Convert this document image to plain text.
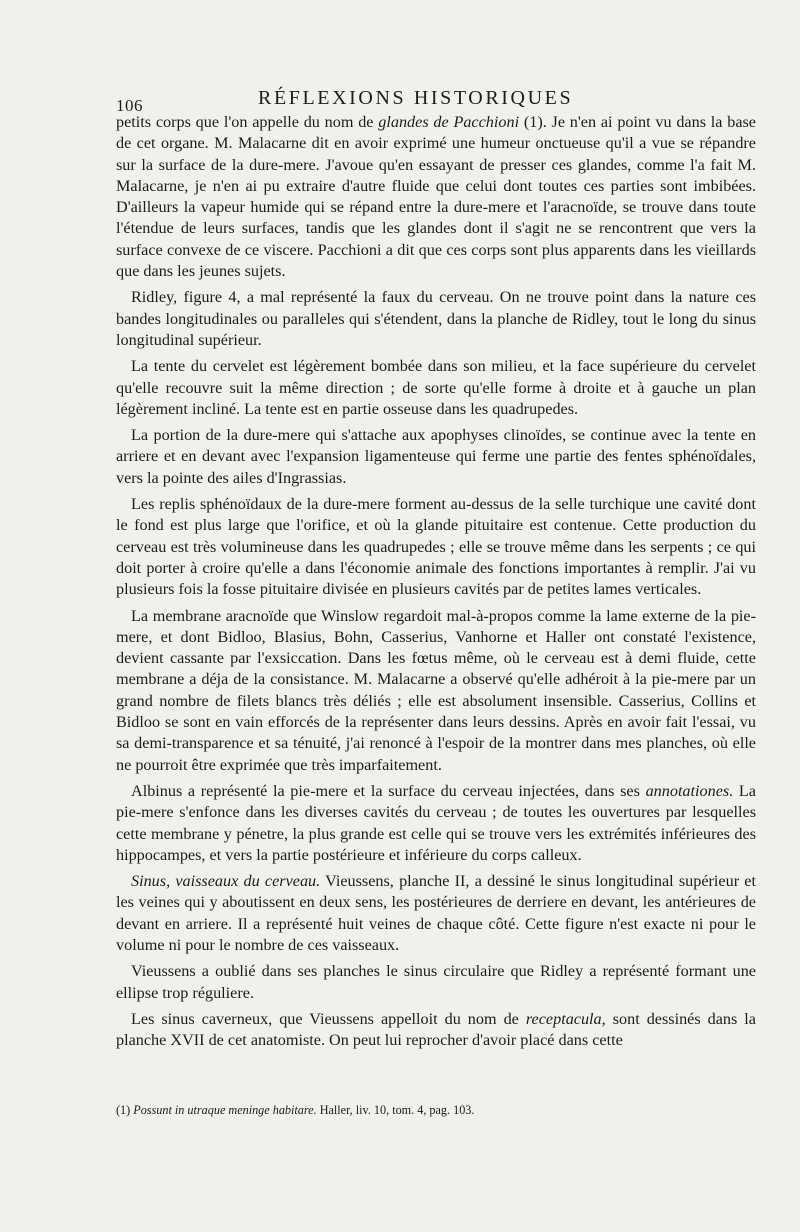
106	RÉFLEXIONS HISTORIQUES

petits corps que l'on appelle du nom de glandes de Pacchioni (1). Je n'en ai point vu dans la base de cet organe. M. Malacarne dit en avoir exprimé une humeur onctueuse qu'il a vue se répandre sur la surface de la dure-mere. J'avoue qu'en essayant de presser ces glandes, comme l'a fait M. Malacarne, je n'en ai pu extraire d'autre fluide que celui dont toutes ces parties sont imbibées. D'ailleurs la vapeur humide qui se répand entre la dure-mere et l'aracnoïde, se trouve dans toute l'étendue de leurs surfaces, tandis que les glandes dont il s'agit ne se rencontrent que vers la surface convexe de ce viscere. Pacchioni a dit que ces corps sont plus apparents dans les vieillards que dans les jeunes sujets.

Ridley, figure 4, a mal représenté la faux du cerveau. On ne trouve point dans la nature ces bandes longitudinales ou paralleles qui s'étendent, dans la planche de Ridley, tout le long du sinus longitudinal supérieur.

La tente du cervelet est légèrement bombée dans son milieu, et la face supérieure du cervelet qu'elle recouvre suit la même direction ; de sorte qu'elle forme à droite et à gauche un plan légèrement incliné. La tente est en partie osseuse dans les quadrupedes.

La portion de la dure-mere qui s'attache aux apophyses clinoïdes, se continue avec la tente en arriere et en devant avec l'expansion ligamenteuse qui ferme une partie des fentes sphénoïdales, vers la pointe des ailes d'Ingrassias.

Les replis sphénoïdaux de la dure-mere forment au-dessus de la selle turchique une cavité dont le fond est plus large que l'orifice, et où la glande pituitaire est contenue. Cette production du cerveau est très volumineuse dans les quadrupedes ; elle se trouve même dans les serpents ; ce qui doit porter à croire qu'elle a dans l'économie animale des fonctions importantes à remplir. J'ai vu plusieurs fois la fosse pituitaire divisée en plusieurs cavités par de petites lames verticales.

La membrane aracnoïde que Winslow regardoit mal-à-propos comme la lame externe de la pie-mere, et dont Bidloo, Blasius, Bohn, Casserius, Vanhorne et Haller ont constaté l'existence, devient cassante par l'exsiccation. Dans les fœtus même, où le cerveau est à demi fluide, cette membrane a déja de la consistance. M. Malacarne a observé qu'elle adhéroit à la pie-mere par un grand nombre de filets blancs très déliés ; elle est absolument insensible. Casserius, Collins et Bidloo se sont en vain efforcés de la représenter dans leurs dessins. Après en avoir fait l'essai, vu sa demi-transparence et sa ténuité, j'ai renoncé à l'espoir de la montrer dans mes planches, où elle ne pourroit être exprimée que très imparfaitement.

Albinus a représenté la pie-mere et la surface du cerveau injectées, dans ses annotationes. La pie-mere s'enfonce dans les diverses cavités du cerveau ; de toutes les ouvertures par lesquelles cette membrane y pénetre, la plus grande est celle qui se trouve vers les extrémités inférieures des hippocampes, et vers la partie postérieure et inférieure du corps calleux.

Sinus, vaisseaux du cerveau. Vieussens, planche II, a dessiné le sinus longitudinal supérieur et les veines qui y aboutissent en deux sens, les postérieures de derriere en devant, les antérieures de devant en arriere. Il a représenté huit veines de chaque côté. Cette figure n'est exacte ni pour le volume ni pour le nombre de ces vaisseaux.

Vieussens a oublié dans ses planches le sinus circulaire que Ridley a représenté formant une ellipse trop réguliere.

Les sinus caverneux, que Vieussens appelloit du nom de receptacula, sont dessinés dans la planche XVII de cet anatomiste. On peut lui reprocher d'avoir placé dans cette

(1) Possunt in utraque meninge habitare. Haller, liv. 10, tom. 4, pag. 103.
